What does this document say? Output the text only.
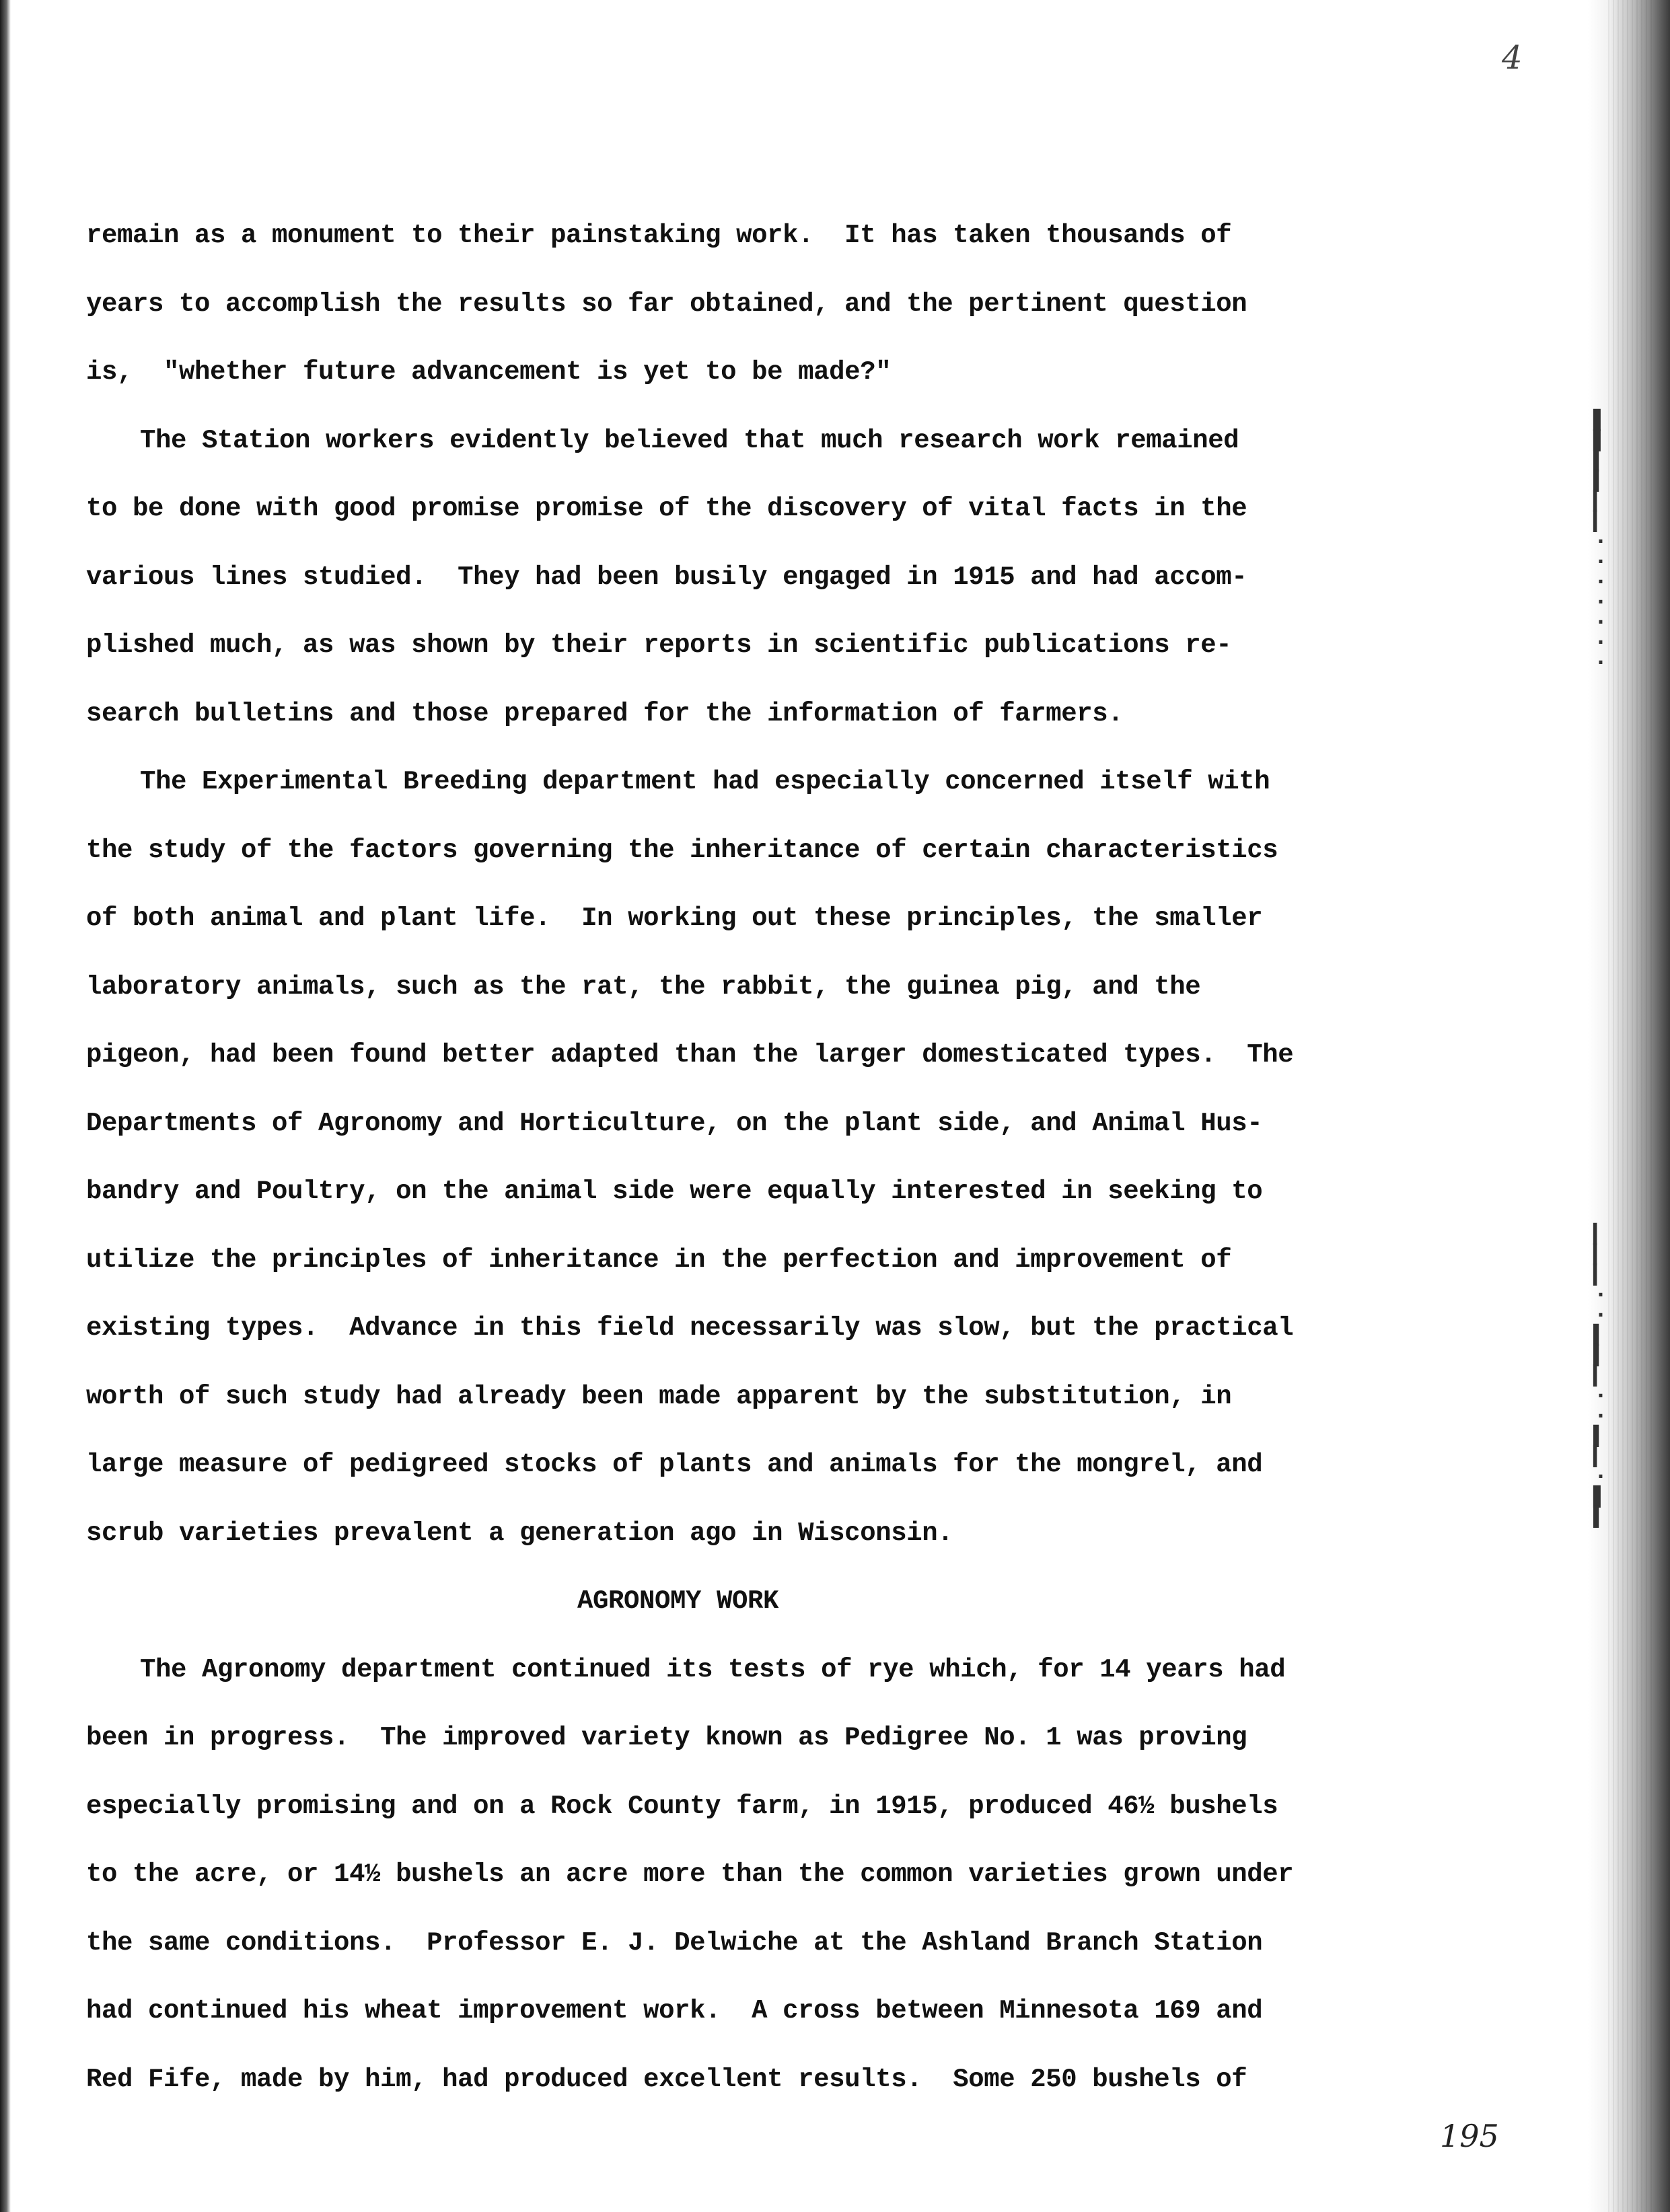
▌
▌
▍
▍
▎
▎
·
·
·
·
·
·
·
▎
▎
▎
·
·
▍
▍
▎
·
·
▍
▎
·
▌
▍
4
remain as a monument to their painstaking work.  It has taken thousands of
years to accomplish the results so far obtained, and the pertinent question
is,  "whether future advancement is yet to be made?"
The Station workers evidently believed that much research work remained
to be done with good promise promise of the discovery of vital facts in the
various lines studied.  They had been busily engaged in 1915 and had accom-
plished much, as was shown by their reports in scientific publications re-
search bulletins and those prepared for the information of farmers.
The Experimental Breeding department had especially concerned itself with
the study of the factors governing the inheritance of certain characteristics
of both animal and plant life.  In working out these principles, the smaller
laboratory animals, such as the rat, the rabbit, the guinea pig, and the
pigeon, had been found better adapted than the larger domesticated types.  The
Departments of Agronomy and Horticulture, on the plant side, and Animal Hus-
bandry and Poultry, on the animal side were equally interested in seeking to
utilize the principles of inheritance in the perfection and improvement of
existing types.  Advance in this field necessarily was slow, but the practical
worth of such study had already been made apparent by the substitution, in
large measure of pedigreed stocks of plants and animals for the mongrel, and
scrub varieties prevalent a generation ago in Wisconsin.
AGRONOMY WORK
The Agronomy department continued its tests of rye which, for 14 years had
been in progress.  The improved variety known as Pedigree No. 1 was proving
especially promising and on a Rock County farm, in 1915, produced 46½ bushels
to the acre, or 14½ bushels an acre more than the common varieties grown under
the same conditions.  Professor E. J. Delwiche at the Ashland Branch Station
had continued his wheat improvement work.  A cross between Minnesota 169 and
Red Fife, made by him, had produced excellent results.  Some 250 bushels of
195
